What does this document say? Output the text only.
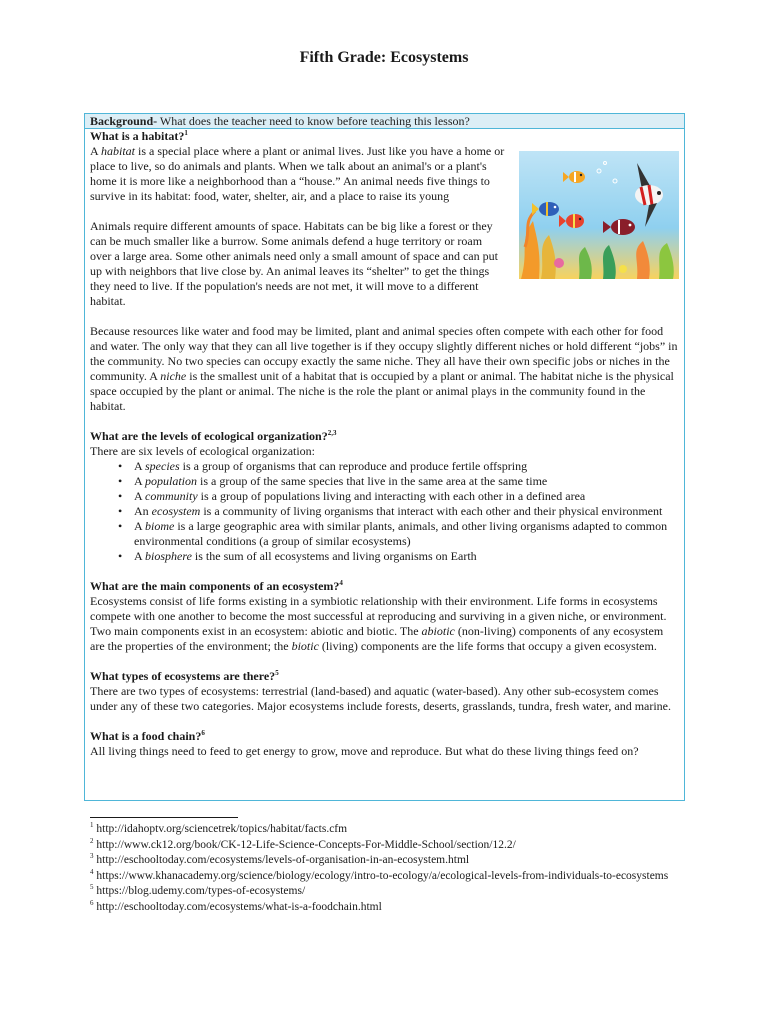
Fifth Grade: Ecosystems
Background- What does the teacher need to know before teaching this lesson?

What is a habitat?$^1$

A habitat is a special place where a plant or animal lives. Just like you have a home or place to live, so do animals and plants. When we talk about an animal's or a plant's home it is more like a neighborhood than a “house.” An animal needs five things to survive in its habitat: food, water, shelter, air, and a place to raise its young

Animals require different amounts of space. Habitats can be big like a forest or they can be much smaller like a burrow. Some animals defend a huge territory or roam over a large area. Some other animals need only a small amount of space and can put up with neighbors that live close by. An animal leaves its “shelter” to get the things they need to live. If the population's needs are not met, it will move to a different habitat.

Because resources like water and food may be limited, plant and animal species often compete with each other for food and water. The only way that they can all live together is if they occupy slightly different niches or hold different “jobs” in the community. No two species can occupy exactly the same niche. They all have their own specific jobs or niches in the community. A niche is the smallest unit of a habitat that is occupied by a plant or animal. The habitat niche is the physical space occupied by the plant or animal. The niche is the role the plant or animal plays in the community found in the habitat.

What are the levels of ecological organization?$^{2,3}$

There are six levels of ecological organization:

• A species is a group of organisms that can reproduce and produce fertile offspring
• A population is a group of the same species that live in the same area at the same time
• A community is a group of populations living and interacting with each other in a defined area
• An ecosystem is a community of living organisms that interact with each other and their physical environment
• A biome is a large geographic area with similar plants, animals, and other living organisms adapted to common environmental conditions (a group of similar ecosystems)
• A biosphere is the sum of all ecosystems and living organisms on Earth

What are the main components of an ecosystem?$^4$

Ecosystems consist of life forms existing in a symbiotic relationship with their environment. Life forms in ecosystems compete with one another to become the most successful at reproducing and surviving in a given niche, or environment. Two main components exist in an ecosystem: abiotic and biotic. The abiotic (non-living) components of any ecosystem are the properties of the environment; the biotic (living) components are the life forms that occupy a given ecosystem.

What types of ecosystems are there?$^5$

There are two types of ecosystems: terrestrial (land-based) and aquatic (water-based). Any other sub-ecosystem comes under any of these two categories. Major ecosystems include forests, deserts, grasslands, tundra, fresh water, and marine.

What is a food chain?$^6$

All living things need to feed to get energy to grow, move and reproduce. But what do these living things feed on?

$^1$ http://idahoptv.org/sciencetrek/topics/habitat/facts.cfm

$^2$ http://www.ck12.org/book/CK-12-Life-Science-Concepts-For-Middle-School/section/12.2/

$^3$ http://eschooltoday.com/ecosystems/levels-of-organisation-in-an-ecosystem.html

$^4$ https://www.khanacademy.org/science/biology/ecology/intro-to-ecology/a/ecological-levels-from-individuals-to-ecosystems

$^5$ https://blog.udemy.com/types-of-ecosystems/

$^6$ http://eschooltoday.com/ecosystems/what-is-a-foodchain.html
